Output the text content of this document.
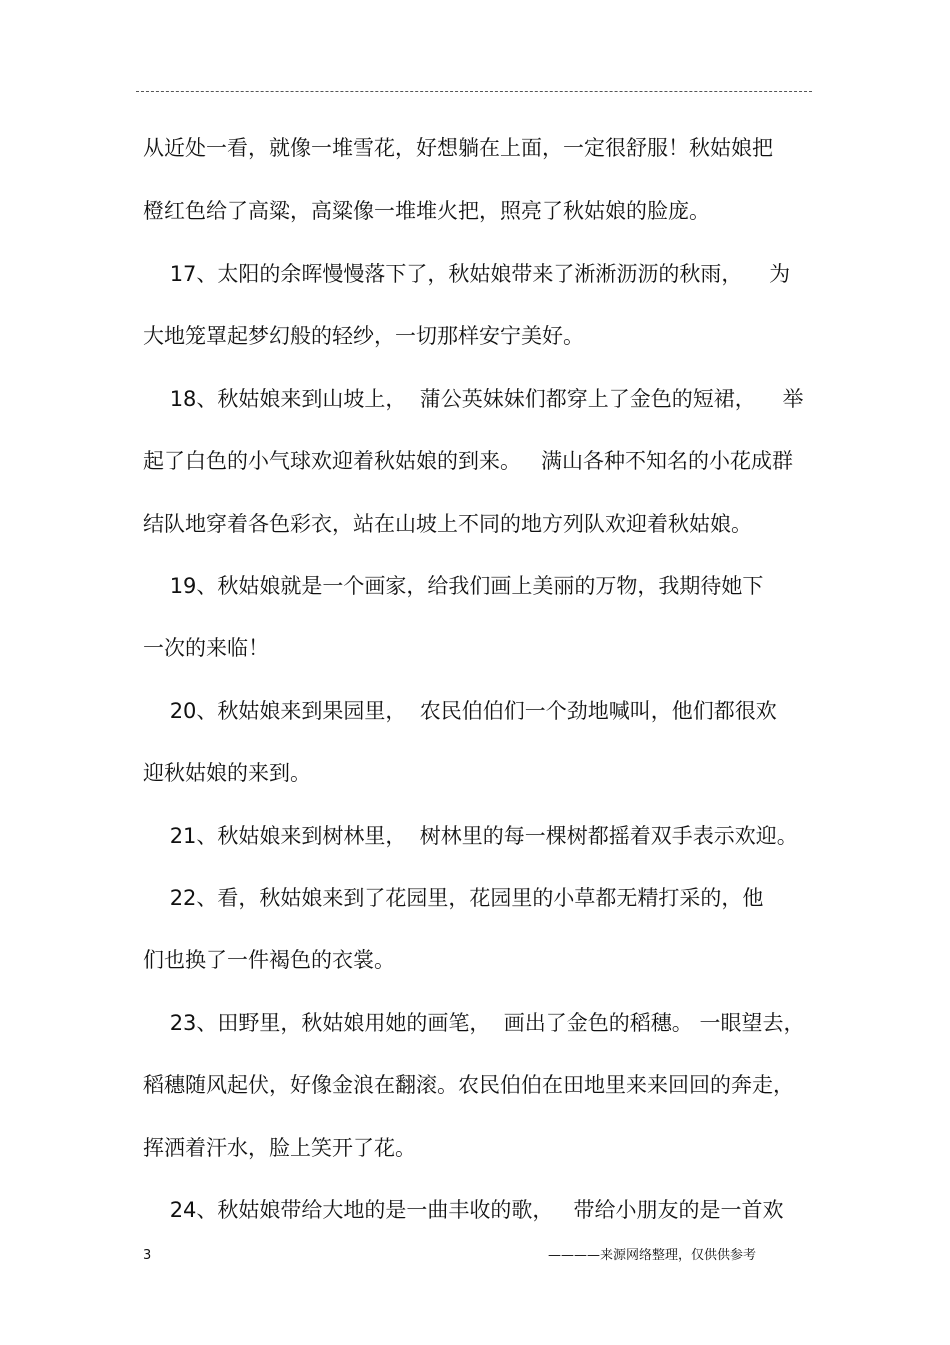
从近处一看，就像一堆雪花，好想躺在上面，一定很舒服！秋姑娘把
橙红色给了高粱，高粱像一堆堆火把，照亮了秋姑娘的脸庞。
17、太阳的余晖慢慢落下了，秋姑娘带来了淅淅沥沥的秋雨，    为
大地笼罩起梦幻般的轻纱，一切那样安宁美好。
18、秋姑娘来到山坡上，  蒲公英妹妹们都穿上了金色的短裙，    举
起了白色的小气球欢迎着秋姑娘的到来。   满山各种不知名的小花成群
结队地穿着各色彩衣，站在山坡上不同的地方列队欢迎着秋姑娘。
19、秋姑娘就是一个画家，给我们画上美丽的万物，我期待她下
一次的来临！
20、秋姑娘来到果园里，  农民伯伯们一个劲地喊叫，他们都很欢
迎秋姑娘的来到。
21、秋姑娘来到树林里，  树林里的每一棵树都摇着双手表示欢迎。
22、看，秋姑娘来到了花园里，花园里的小草都无精打采的，他
们也换了一件褐色的衣裳。
23、田野里，秋姑娘用她的画笔，  画出了金色的稻穗。 一眼望去，
稻穗随风起伏，好像金浪在翻滚。农民伯伯在田地里来来回回的奔走，
挥洒着汗水，脸上笑开了花。
24、秋姑娘带给大地的是一曲丰收的歌，   带给小朋友的是一首欢
3	————来源网络整理，仅供供参考
